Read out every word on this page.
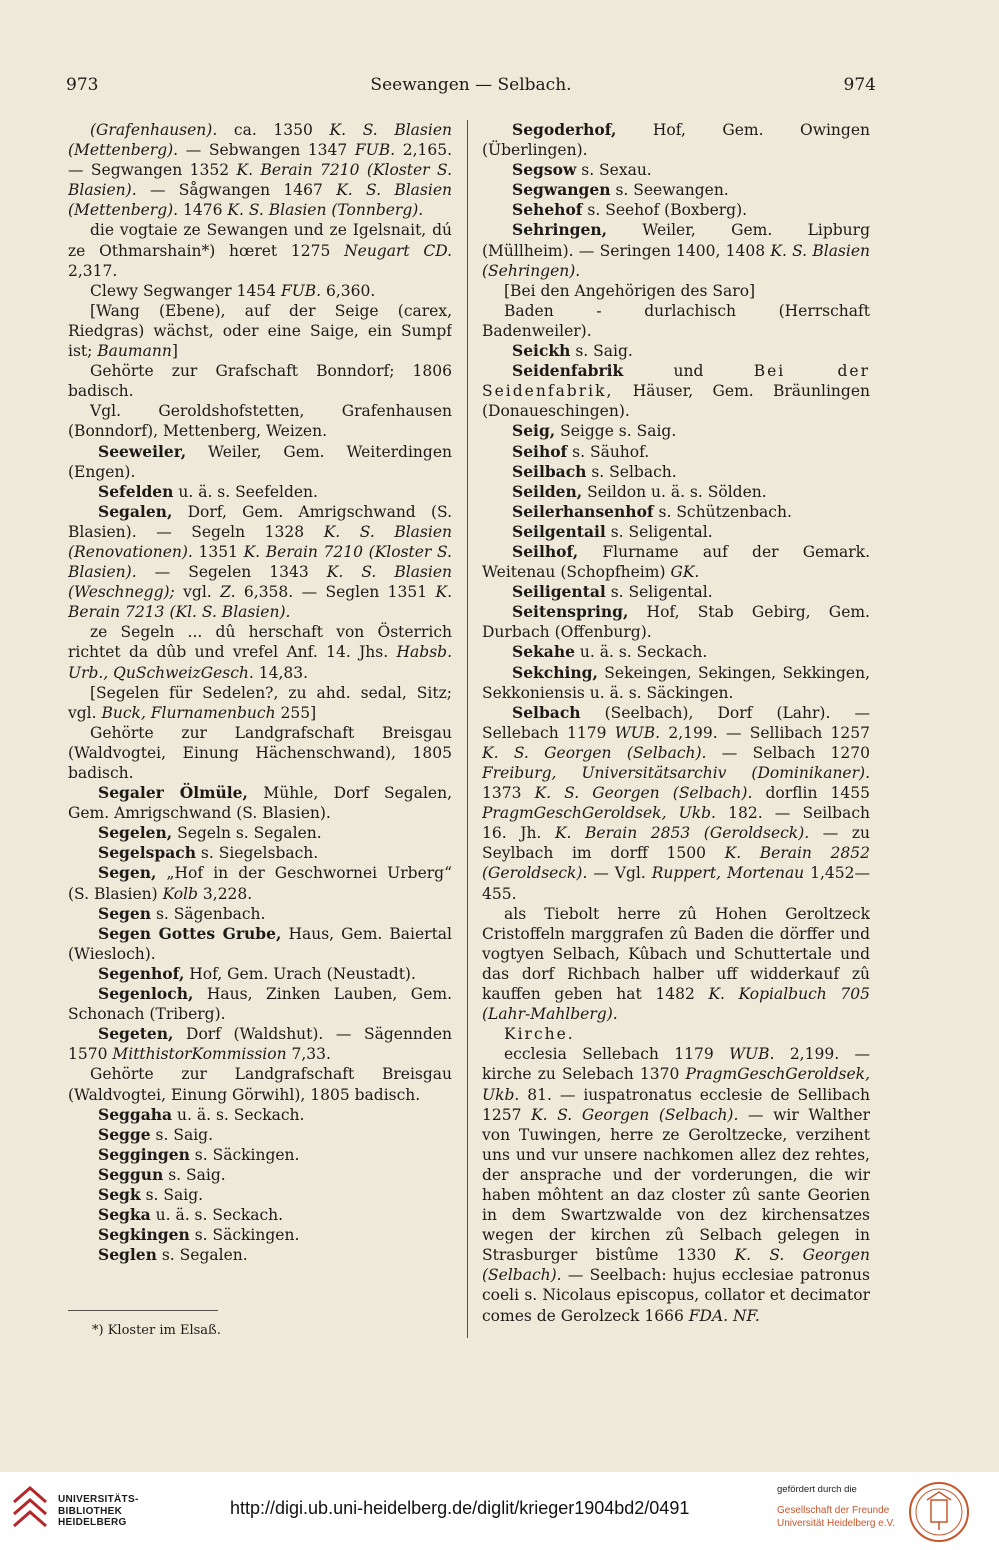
973	Seewangen — Selbach.	974

(Grafenhausen). ca. 1350 K. S. Blasien (Mettenberg). — Sebwangen 1347 FUB. 2,165. — Segwangen 1352 K. Berain 7210 (Kloster S. Blasien). — Sågwangen 1467 K. S. Blasien (Mettenberg). 1476 K. S. Blasien (Tonnberg).

die vogtaie ze Sewangen und ze Igelsnait, dú ze Othmarshain*) hœret 1275 Neugart CD. 2,317.

Clewy Segwanger 1454 FUB. 6,360.

[Wang (Ebene), auf der Seige (carex, Riedgras) wächst, oder eine Saige, ein Sumpf ist; Baumann]

Gehörte zur Grafschaft Bonndorf; 1806 badisch.

Vgl. Geroldshofstetten, Grafenhausen (Bonndorf), Mettenberg, Weizen.

Seeweiler, Weiler, Gem. Weiterdingen (Engen).

Sefelden u. ä. s. Seefelden.

Segalen, Dorf, Gem. Amrigschwand (S. Blasien). — Segeln 1328 K. S. Blasien (Renovationen). 1351 K. Berain 7210 (Kloster S. Blasien). — Segelen 1343 K. S. Blasien (Weschnegg); vgl. Z. 6,358. — Seglen 1351 K. Berain 7213 (Kl. S. Blasien).

ze Segeln ... dû herschaft von Österrich richtet da dûb und vrefel Anf. 14. Jhs. Habsb. Urb., QuSchweizGesch. 14,83.

[Segelen für Sedelen?, zu ahd. sedal, Sitz; vgl. Buck, Flurnamenbuch 255]

Gehörte zur Landgrafschaft Breisgau (Waldvogtei, Einung Hächenschwand), 1805 badisch.

Segaler Ölmüle, Mühle, Dorf Segalen, Gem. Amrigschwand (S. Blasien).

Segelen, Segeln s. Segalen.

Segelspach s. Siegelsbach.

Segen, „Hof in der Geschwornei Urberg“ (S. Blasien) Kolb 3,228.

Segen s. Sägenbach.

Segen Gottes Grube, Haus, Gem. Baiertal (Wiesloch).

Segenhof, Hof, Gem. Urach (Neustadt).

Segenloch, Haus, Zinken Lauben, Gem. Schonach (Triberg).

Segeten, Dorf (Waldshut). — Sägennden 1570 MitthistorKommission 7,33.

Gehörte zur Landgrafschaft Breisgau (Waldvogtei, Einung Görwihl), 1805 badisch.

Seggaha u. ä. s. Seckach.

Segge s. Saig.

Seggingen s. Säckingen.

Seggun s. Saig.

Segk s. Saig.

Segka u. ä. s. Seckach.

Segkingen s. Säckingen.

Seglen s. Segalen.

Segoderhof, Hof, Gem. Owingen (Überlingen).

Segsow s. Sexau.

Segwangen s. Seewangen.

Sehehof s. Seehof (Boxberg).

Sehringen, Weiler, Gem. Lipburg (Müllheim). — Seringen 1400, 1408 K. S. Blasien (Sehringen).

[Bei den Angehörigen des Saro]

Baden - durlachisch (Herrschaft Badenweiler).

Seickh s. Saig.

Seidenfabrik und Bei der Seidenfabrik, Häuser, Gem. Bräunlingen (Donaueschingen).

Seig, Seigge s. Saig.

Seihof s. Säuhof.

Seilbach s. Selbach.

Seilden, Seildon u. ä. s. Sölden.

Seilerhansenhof s. Schützenbach.

Seilgentail s. Seligental.

Seilhof, Flurname auf der Gemark. Weitenau (Schopfheim) GK.

Seiligental s. Seligental.

Seitenspring, Hof, Stab Gebirg, Gem. Durbach (Offenburg).

Sekahe u. ä. s. Seckach.

Sekching, Sekeingen, Sekingen, Sekkingen, Sekkoniensis u. ä. s. Säckingen.

Selbach (Seelbach), Dorf (Lahr). — Sellebach 1179 WUB. 2,199. — Sellibach 1257 K. S. Georgen (Selbach). — Selbach 1270 Freiburg, Universitätsarchiv (Dominikaner). 1373 K. S. Georgen (Selbach). dorflin 1455 PragmGeschGeroldsek, Ukb. 182. — Seilbach 16. Jh. K. Berain 2853 (Geroldseck). — zu Seylbach im dorff 1500 K. Berain 2852 (Geroldseck). — Vgl. Ruppert, Mortenau 1,452—455.

als Tiebolt herre zû Hohen Geroltzeck Cristoffeln marggrafen zû Baden die dörffer und vogtyen Selbach, Kûbach und Schuttertale und das dorf Richbach halber uff widderkauf zû kauffen geben hat 1482 K. Kopialbuch 705 (Lahr-Mahlberg).

Kirche.

ecclesia Sellebach 1179 WUB. 2,199. — kirche zu Selebach 1370 PragmGeschGeroldsek, Ukb. 81. — iuspatronatus ecclesie de Sellibach 1257 K. S. Georgen (Selbach). — wir Walther von Tuwingen, herre ze Geroltzecke, verzihent uns und vur unsere nachkomen allez dez rehtes, der ansprache und der vorderungen, die wir haben môhtent an daz closter zû sante Georien in dem Swartzwalde von dez kirchensatzes wegen der kirchen zû Selbach gelegen in Strasburger bistûme 1330 K. S. Georgen (Selbach). — Seelbach: hujus ecclesiae patronus coeli s. Nicolaus episcopus, collator et decimator comes de Gerolzeck 1666 FDA. NF.

*) Kloster im Elsaß.
UNIVERSITÄTS-
BIBLIOTHEK
HEIDELBERG
http://digi.ub.uni-heidelberg.de/diglit/krieger1904bd2/0491
gefördert durch die
Gesellschaft der Freunde
Universität Heidelberg e.V.
